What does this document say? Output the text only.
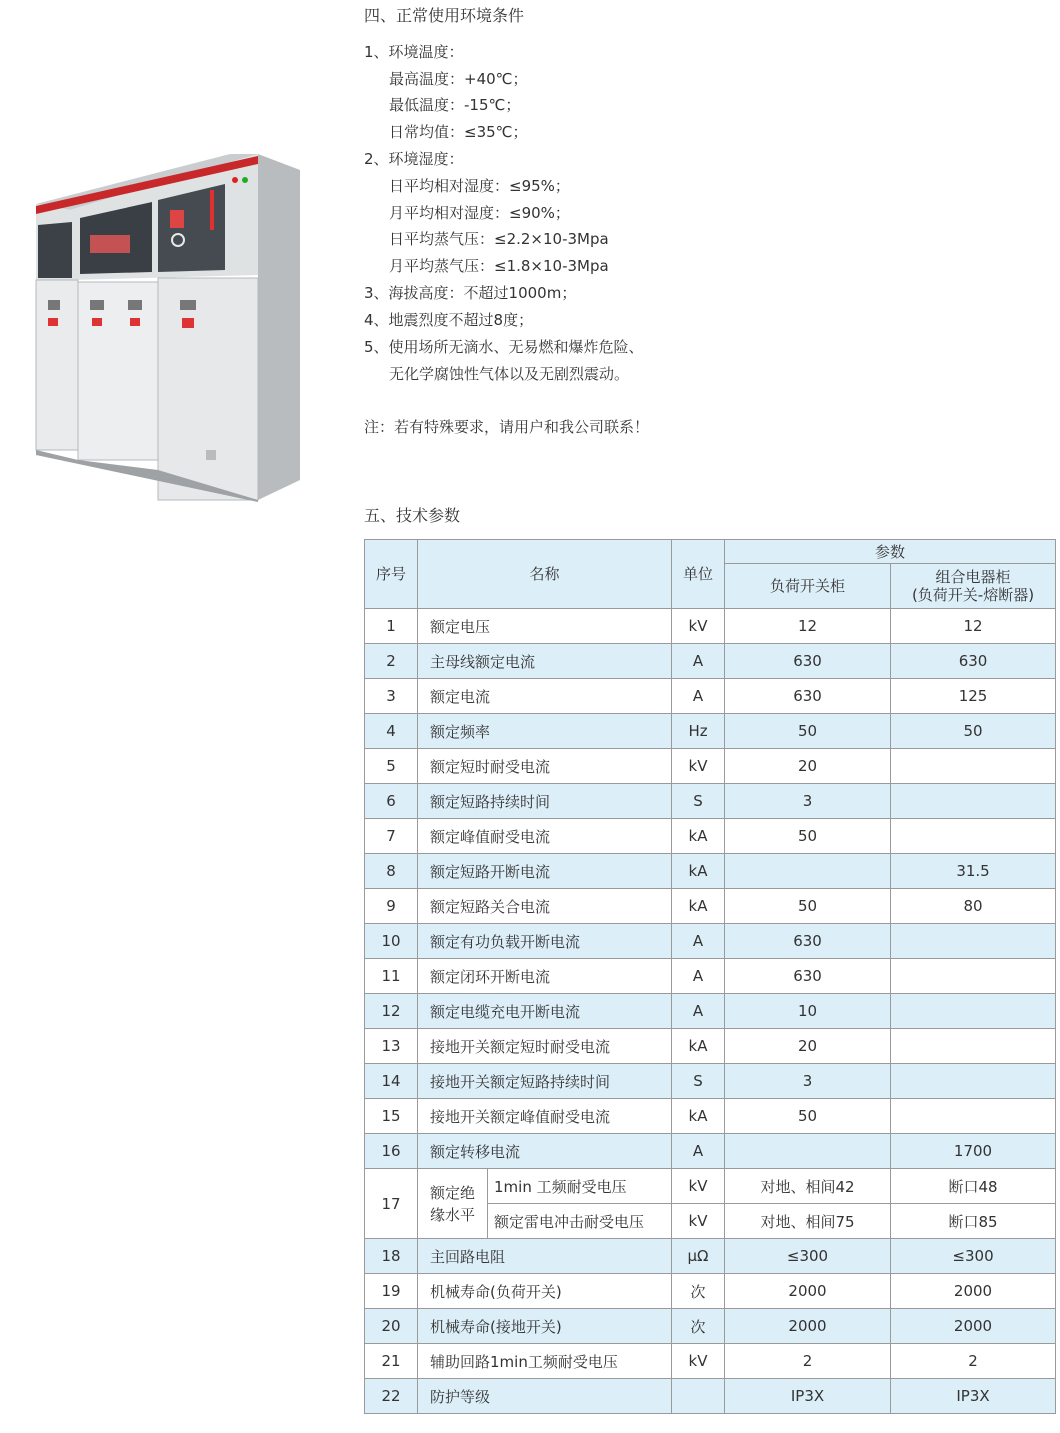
四、正常使用环境条件
1、环境温度：
最高温度：+40℃；
最低温度：-15℃；
日常均值：≤35℃；
2、环境湿度：
日平均相对湿度：≤95%；
月平均相对湿度：≤90%；
日平均蒸气压：≤2.2×10-3Mpa
月平均蒸气压：≤1.8×10-3Mpa
3、海拔高度：不超过1000m；
4、地震烈度不超过8度；
5、使用场所无滴水、无易燃和爆炸危险、
无化学腐蚀性气体以及无剧烈震动。
注：若有特殊要求，请用户和我公司联系！
五、技术参数
序号	名称		单位	参数	
				负荷开关柜	组合电器柜
(负荷开关-熔断器)

1	额定电压		kV	12	12
2	主母线额定电流		A	630	630
3	额定电流		A	630	125
4	额定频率		Hz	50	50
5	额定短时耐受电流		kV	20	
6	额定短路持续时间		S	3	
7	额定峰值耐受电流		kA	50	
8	额定短路开断电流		kA		31.5
9	额定短路关合电流		kA	50	80
10	额定有功负载开断电流		A	630	
11	额定闭环开断电流		A	630	
12	额定电缆充电开断电流		A	10	
13	接地开关额定短时耐受电流		kA	20	
14	接地开关额定短路持续时间		S	3	
15	接地开关额定峰值耐受电流		kA	50	
16	额定转移电流		A		1700
17	额定绝
缘水平	1min 工频耐受电压	kV	对地、相间42	断口48
		额定雷电冲击耐受电压	kV	对地、相间75	断口85
18	主回路电阻		μΩ	≤300	≤300
19	机械寿命(负荷开关)		次	2000	2000
20	机械寿命(接地开关)		次	2000	2000
21	辅助回路1min工频耐受电压		kV	2	2
22	防护等级			IP3X	IP3X
